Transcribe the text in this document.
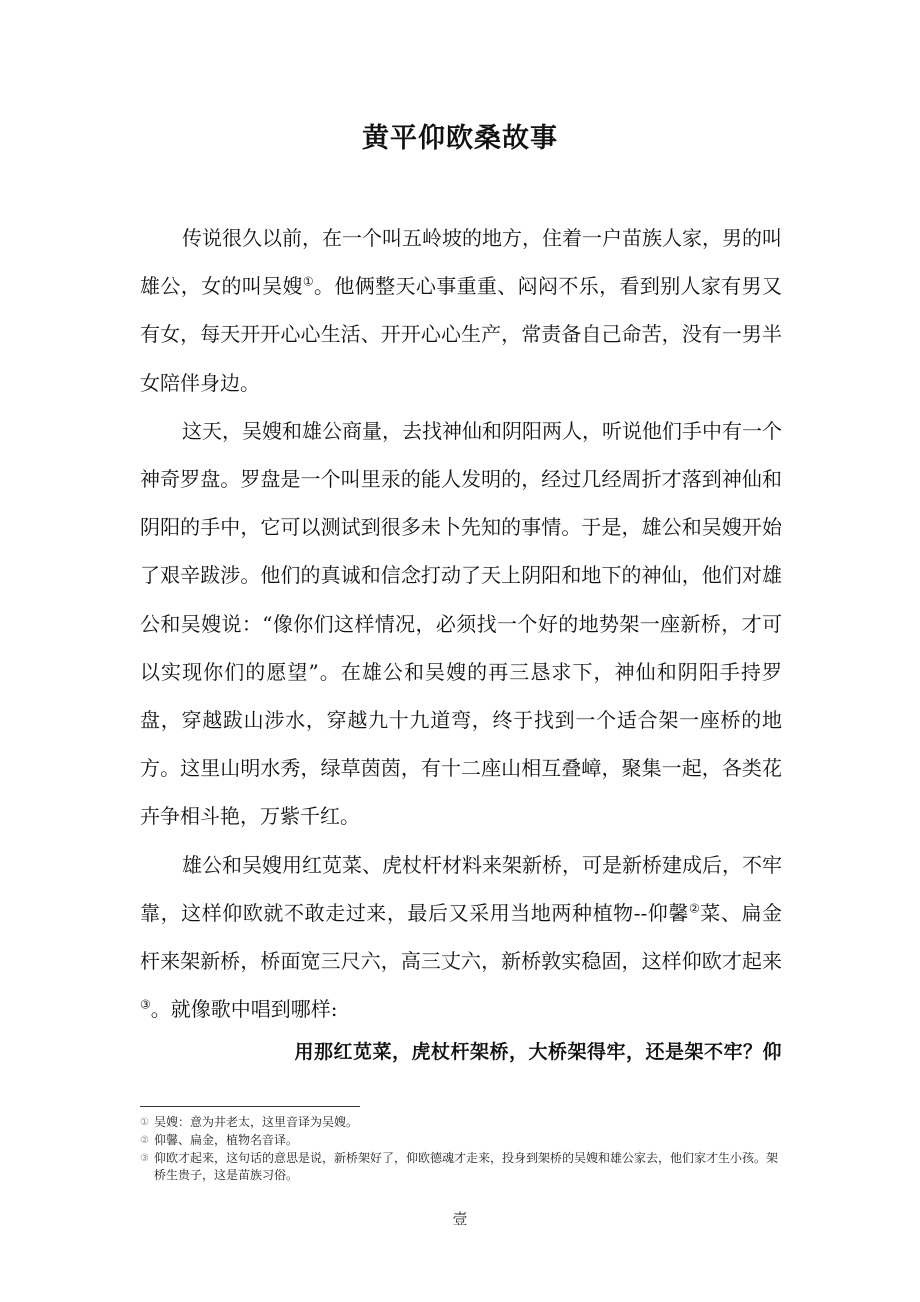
黄平仰欧桑故事

传说很久以前，在一个叫五岭坡的地方，住着一户苗族人家，男的叫雄公，女的叫吴嫂①。他俩整天心事重重、闷闷不乐，看到别人家有男又有女，每天开开心心生活、开开心心生产，常责备自己命苦，没有一男半女陪伴身边。

这天，吴嫂和雄公商量，去找神仙和阴阳两人，听说他们手中有一个神奇罗盘。罗盘是一个叫里汞的能人发明的，经过几经周折才落到神仙和阴阳的手中，它可以测试到很多未卜先知的事情。于是，雄公和吴嫂开始了艰辛跋涉。他们的真诚和信念打动了天上阴阳和地下的神仙，他们对雄公和吴嫂说：“像你们这样情况，必须找一个好的地势架一座新桥，才可以实现你们的愿望”。在雄公和吴嫂的再三恳求下，神仙和阴阳手持罗盘，穿越跋山涉水，穿越九十九道弯，终于找到一个适合架一座桥的地方。这里山明水秀，绿草茵茵，有十二座山相互叠嶂，聚集一起，各类花卉争相斗艳，万紫千红。

雄公和吴嫂用红苋菜、虎杖杆材料来架新桥，可是新桥建成后，不牢靠，这样仰欧就不敢走过来，最后又采用当地两种植物--仰馨②菜、扁金杆来架新桥，桥面宽三尺六，高三丈六，新桥敦实稳固，这样仰欧才起来③。就像歌中唱到哪样:

用那红苋菜，虎杖杆架桥，大桥架得牢，还是架不牢？仰
① 吴嫂：意为井老太，这里音译为吴嫂。
② 仰馨、扁金，植物名音译。
③ 仰欧才起来，这句话的意思是说，新桥架好了，仰欧德魂才走来，投身到架桥的吴嫂和雄公家去，他们家才生小孩。架桥生贵子，这是苗族习俗。
壹
